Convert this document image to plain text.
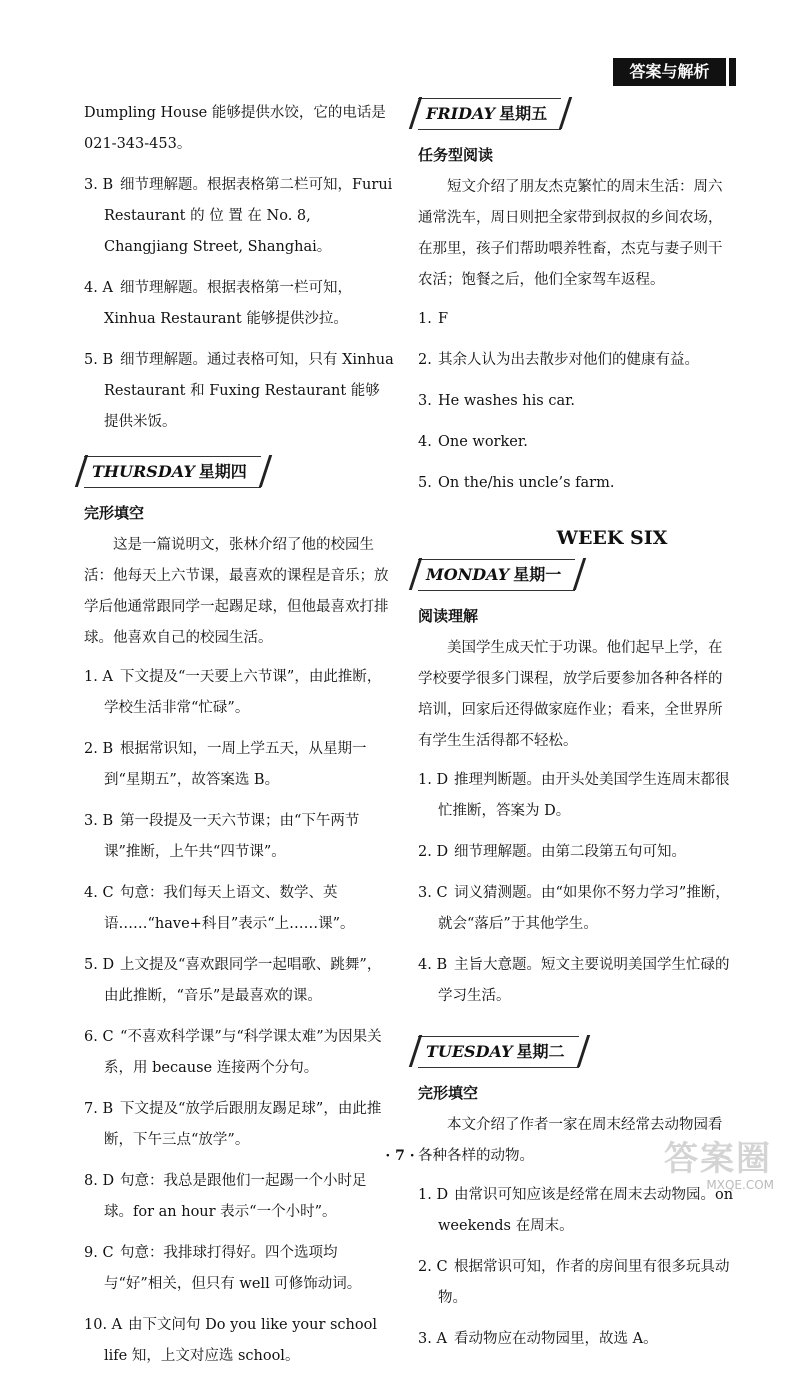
答案与解析

Dumpling House 能够提供水饺，它的电话是 021-343-453。

3. B 细节理解题。根据表格第二栏可知，Furui Restaurant 的 位 置 在 No. 8, Changjiang Street, Shanghai。
4. A 细节理解题。根据表格第一栏可知，Xinhua Restaurant 能够提供沙拉。
5. B 细节理解题。通过表格可知，只有 Xinhua Restaurant 和 Fuxing Restaurant 能够提供米饭。
THURSDAY 星期四
完形填空

这是一篇说明文，张林介绍了他的校园生活：他每天上六节课，最喜欢的课程是音乐；放学后他通常跟同学一起踢足球，但他最喜欢打排球。他喜欢自己的校园生活。

1. A 下文提及“一天要上六节课”，由此推断，学校生活非常“忙碌”。
2. B 根据常识知，一周上学五天，从星期一到“星期五”，故答案选 B。
3. B 第一段提及一天六节课；由“下午两节课”推断，上午共“四节课”。
4. C 句意：我们每天上语文、数学、英语……“have+科目”表示“上……课”。
5. D 上文提及“喜欢跟同学一起唱歌、跳舞”，由此推断，“音乐”是最喜欢的课。
6. C “不喜欢科学课”与“科学课太难”为因果关系，用 because 连接两个分句。
7. B 下文提及“放学后跟朋友踢足球”，由此推断，下午三点“放学”。
8. D 句意：我总是跟他们一起踢一个小时足球。for an hour 表示“一个小时”。
9. C 句意：我排球打得好。四个选项均与“好”相关，但只有 well 可修饰动词。
10. A 由下文问句 Do you like your school life 知，上文对应选 school。
FRIDAY 星期五
任务型阅读

短文介绍了朋友杰克繁忙的周末生活：周六通常洗车，周日则把全家带到叔叔的乡间农场，在那里，孩子们帮助喂养牲畜，杰克与妻子则干农活；饱餐之后，他们全家驾车返程。

1. F
2. 其余人认为出去散步对他们的健康有益。
3. He washes his car.
4. One worker.
5. On the/his uncle’s farm.
WEEK SIX
MONDAY 星期一
阅读理解

美国学生成天忙于功课。他们起早上学，在学校要学很多门课程，放学后要参加各种各样的培训，回家后还得做家庭作业；看来，全世界所有学生生活得都不轻松。

1. D 推理判断题。由开头处美国学生连周末都很忙推断，答案为 D。
2. D 细节理解题。由第二段第五句可知。
3. C 词义猜测题。由“如果你不努力学习”推断，就会“落后”于其他学生。
4. B 主旨大意题。短文主要说明美国学生忙碌的学习生活。
TUESDAY 星期二
完形填空

本文介绍了作者一家在周末经常去动物园看各种各样的动物。

1. D 由常识可知应该是经常在周末去动物园。on weekends 在周末。
2. C 根据常识可知，作者的房间里有很多玩具动物。
3. A 看动物应在动物园里，故选 A。
· 7 ·	答案圈
MXQE.COM
